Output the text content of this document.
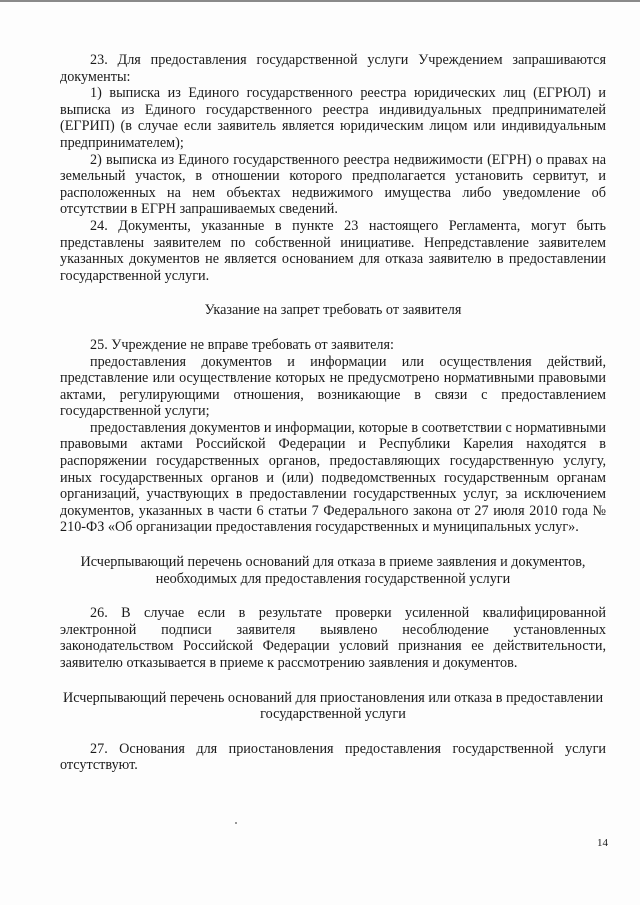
23. Для предоставления государственной услуги Учреждением запрашиваются документы:

1) выписка из Единого государственного реестра юридических лиц (ЕГРЮЛ) и выписка из Единого государственного реестра индивидуальных предпринимателей (ЕГРИП) (в случае если заявитель является юридическим лицом или индивидуальным предпринимателем);

2) выписка из Единого государственного реестра недвижимости (ЕГРН) о правах на земельный участок, в отношении которого предполагается установить сервитут, и расположенных на нем объектах недвижимого имущества либо уведомление об отсутствии в ЕГРН запрашиваемых сведений.

24. Документы, указанные в пункте 23 настоящего Регламента, могут быть представлены заявителем по собственной инициативе. Непредставление заявителем указанных документов не является основанием для отказа заявителю в предоставлении государственной услуги.

Указание на запрет требовать от заявителя

25. Учреждение не вправе требовать от заявителя:

предоставления документов и информации или осуществления действий, представление или осуществление которых не предусмотрено нормативными правовыми актами, регулирующими отношения, возникающие в связи с предоставлением государственной услуги;

предоставления документов и информации, которые в соответствии с нормативными правовыми актами Российской Федерации и Республики Карелия находятся в распоряжении государственных органов, предоставляющих государственную услугу, иных государственных органов и (или) подведомственных государственным органам организаций, участвующих в предоставлении государственных услуг, за исключением документов, указанных в части 6 статьи 7 Федерального закона от 27 июля 2010 года № 210-ФЗ «Об организации предоставления государственных и муниципальных услуг».

Исчерпывающий перечень оснований для отказа в приеме заявления и документов, необходимых для предоставления государственной услуги

26. В случае если в результате проверки усиленной квалифицированной электронной подписи заявителя выявлено несоблюдение установленных законодательством Российской Федерации условий признания ее действительности, заявителю отказывается в приеме к рассмотрению заявления и документов.

Исчерпывающий перечень оснований для приостановления или отказа в предоставлении государственной услуги

27. Основания для приостановления предоставления государственной услуги отсутствуют.

14
